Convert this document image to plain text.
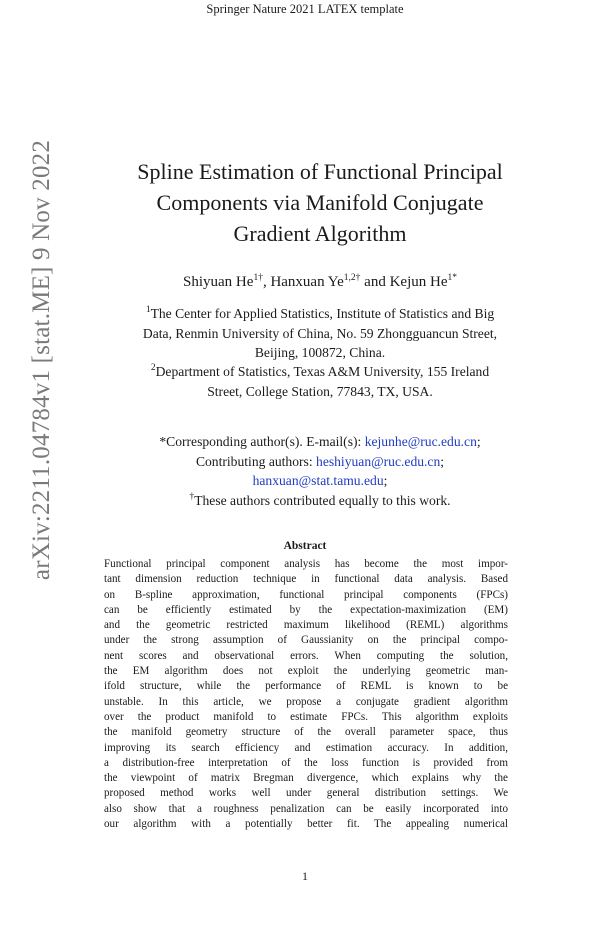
Springer Nature 2021 LATEX template
arXiv:2211.04784v1 [stat.ME] 9 Nov 2022	Spline Estimation of Functional Principal
Components via Manifold Conjugate
Gradient Algorithm
Shiyuan $He^{1\dagger}$, Hanxuan $Ye^{1,2\dagger}$ and Kejun $He^{1*}$
$^1$The Center for Applied Statistics, Institute of Statistics and Big
Data, Renmin University of China, No. 59 Zhongguancun Street,
Beijing, 100872, China.
$^2$Department of Statistics, Texas A&M University, 155 Ireland
Street, College Station, 77843, TX, USA.
*Corresponding author(s). E-mail(s): kejunhe@ruc.edu.cn;
Contributing authors: heshiyuan@ruc.edu.cn;
hanxuan@stat.tamu.edu;
†These authors contributed equally to this work.
Abstract
Functional principal component analysis has become the most impor-
tant dimension reduction technique in functional data analysis. Based
on B-spline approximation, functional principal components (FPCs)
can be efficiently estimated by the expectation-maximization (EM)
and the geometric restricted maximum likelihood (REML) algorithms
under the strong assumption of Gaussianity on the principal compo-
nent scores and observational errors. When computing the solution,
the EM algorithm does not exploit the underlying geometric man-
ifold structure, while the performance of REML is known to be
unstable. In this article, we propose a conjugate gradient algorithm
over the product manifold to estimate FPCs. This algorithm exploits
the manifold geometry structure of the overall parameter space, thus
improving its search efficiency and estimation accuracy. In addition,
a distribution-free interpretation of the loss function is provided from
the viewpoint of matrix Bregman divergence, which explains why the
proposed method works well under general distribution settings. We
also show that a roughness penalization can be easily incorporated into
our algorithm with a potentially better fit. The appealing numerical
1
